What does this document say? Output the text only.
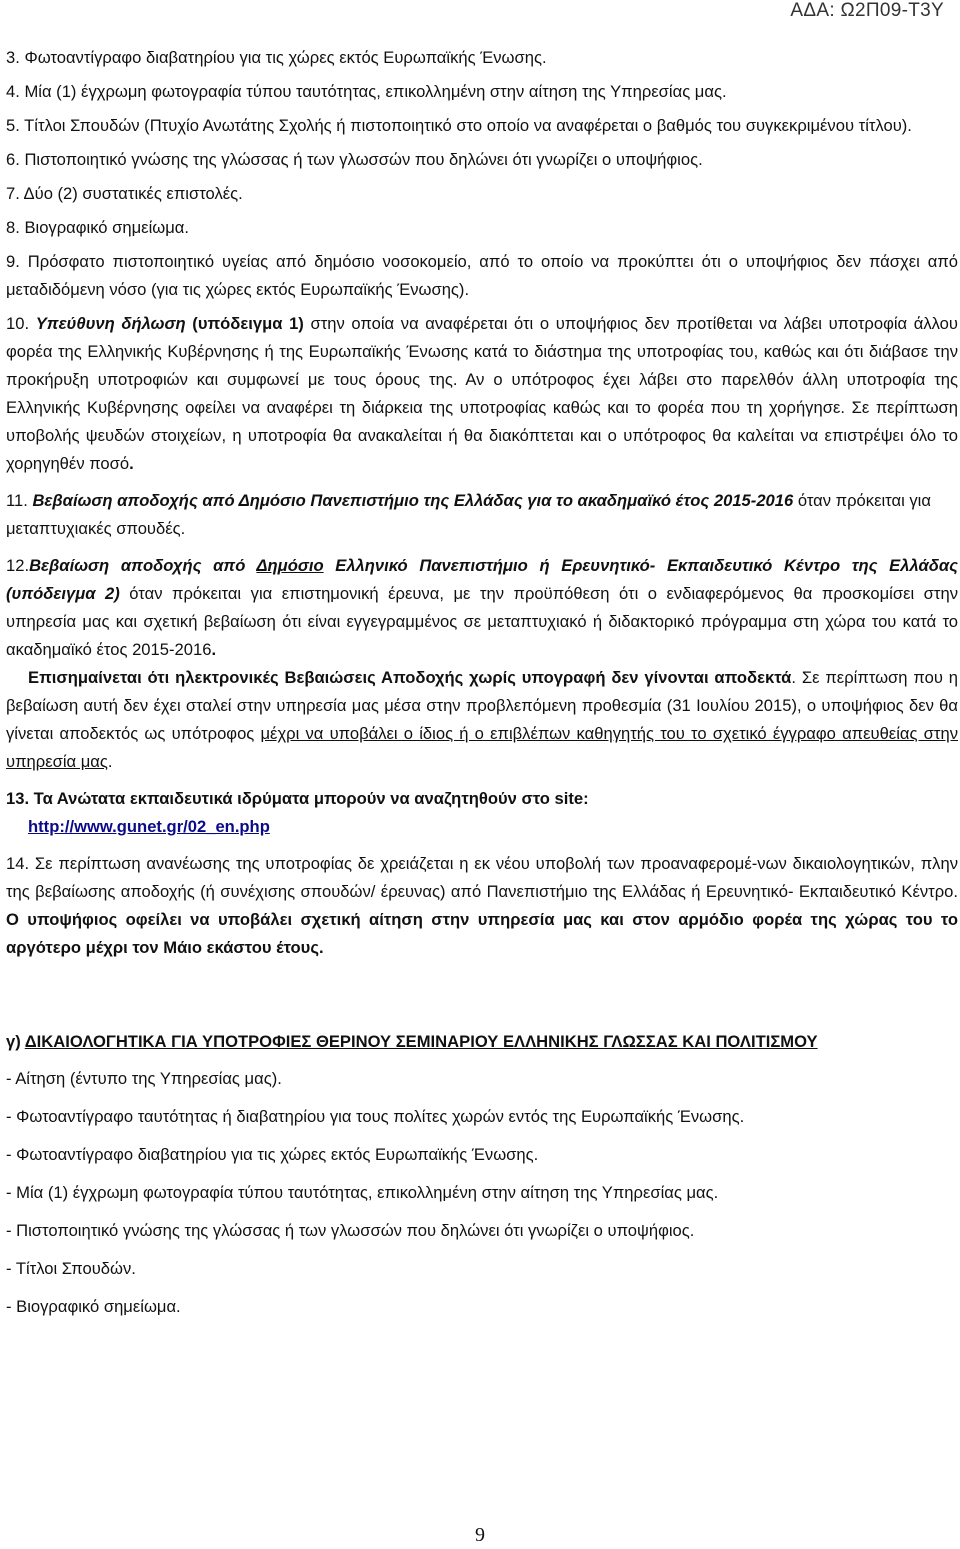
ΑΔΑ: Ω2Π09-Τ3Υ

3. Φωτοαντίγραφο διαβατηρίου για τις χώρες εκτός Ευρωπαϊκής Ένωσης.

4. Μία (1) έγχρωμη φωτογραφία τύπου ταυτότητας, επικολλημένη στην αίτηση της Υπηρεσίας μας.

5. Τίτλοι Σπουδών (Πτυχίο Ανωτάτης Σχολής ή πιστοποιητικό στο οποίο να αναφέρεται ο βαθμός του συγκεκριμένου τίτλου).

6. Πιστοποιητικό γνώσης της γλώσσας ή των γλωσσών που δηλώνει ότι γνωρίζει ο υποψήφιος.

7. Δύο (2) συστατικές επιστολές.

8. Βιογραφικό σημείωμα.

9. Πρόσφατο πιστοποιητικό υγείας από δημόσιο νοσοκομείο, από το οποίο να προκύπτει ότι ο υποψήφιος δεν πάσχει από μεταδιδόμενη νόσο (για τις χώρες εκτός Ευρωπαϊκής Ένωσης).

10. Υπεύθυνη δήλωση (υπόδειγμα 1) στην οποία να αναφέρεται ότι ο υποψήφιος δεν προτίθεται να λάβει υποτροφία άλλου φορέα της Ελληνικής Κυβέρνησης ή της Ευρωπαϊκής Ένωσης κατά το διάστημα της υποτροφίας του, καθώς και ότι διάβασε την προκήρυξη υποτροφιών και συμφωνεί με τους όρους της. Αν ο υπότροφος έχει λάβει στο παρελθόν άλλη υποτροφία της Ελληνικής Κυβέρνησης οφείλει να αναφέρει τη διάρκεια της υποτροφίας καθώς και το φορέα που τη χορήγησε. Σε περίπτωση υποβολής ψευδών στοιχείων, η υποτροφία θα ανακαλείται ή θα διακόπτεται και ο υπότροφος θα καλείται να επιστρέψει όλο το χορηγηθέν ποσό.

11. Βεβαίωση αποδοχής από Δημόσιο Πανεπιστήμιο της Ελλάδας για το ακαδημαϊκό έτος 2015-2016 όταν πρόκειται για μεταπτυχιακές σπουδές.

12.Βεβαίωση αποδοχής από Δημόσιο Ελληνικό Πανεπιστήμιο ή Ερευνητικό- Εκπαιδευτικό Κέντρο της Ελλάδας (υπόδειγμα 2) όταν πρόκειται για επιστημονική έρευνα, με την προϋπόθεση ότι ο ενδιαφερόμενος θα προσκομίσει στην υπηρεσία μας και σχετική βεβαίωση ότι είναι εγγεγραμμένος σε μεταπτυχιακό ή διδακτορικό πρόγραμμα στη χώρα του κατά το ακαδημαϊκό έτος 2015-2016.
Επισημαίνεται ότι ηλεκτρονικές Βεβαιώσεις Αποδοχής χωρίς υπογραφή δεν γίνονται αποδεκτά. Σε περίπτωση που η βεβαίωση αυτή δεν έχει σταλεί στην υπηρεσία μας μέσα στην προβλεπόμενη προθεσμία (31 Ιουλίου 2015), ο υποψήφιος δεν θα γίνεται αποδεκτός ως υπότροφος μέχρι να υποβάλει ο ίδιος ή ο επιβλέπων καθηγητής του το σχετικό έγγραφο απευθείας στην υπηρεσία μας.

13. Τα Ανώτατα εκπαιδευτικά ιδρύματα μπορούν να αναζητηθούν στο site:

http://www.gunet.gr/02_en.php

14. Σε περίπτωση ανανέωσης της υποτροφίας δε χρειάζεται η εκ νέου υποβολή των προαναφερομέ-νων δικαιολογητικών, πλην της βεβαίωσης αποδοχής (ή συνέχισης σπουδών/ έρευνας) από Πανεπιστήμιο της Ελλάδας ή Ερευνητικό- Εκπαιδευτικό Κέντρο. Ο υποψήφιος οφείλει να υποβάλει σχετική αίτηση στην υπηρεσία μας και στον αρμόδιο φορέα της χώρας του το αργότερο μέχρι τον Μάιο εκάστου έτους.

γ) ΔΙΚΑΙΟΛΟΓΗΤΙΚΑ ΓΙΑ ΥΠΟΤΡΟΦΙΕΣ ΘΕΡΙΝΟΥ ΣΕΜΙΝΑΡΙΟΥ ΕΛΛΗΝΙΚΗΣ ΓΛΩΣΣΑΣ ΚΑΙ ΠΟΛΙΤΙΣΜΟΥ

- Αίτηση (έντυπο της Υπηρεσίας μας).

- Φωτοαντίγραφο ταυτότητας ή διαβατηρίου για τους πολίτες χωρών εντός της Ευρωπαϊκής Ένωσης.

- Φωτοαντίγραφο διαβατηρίου για τις χώρες εκτός Ευρωπαϊκής Ένωσης.

- Μία (1) έγχρωμη φωτογραφία τύπου ταυτότητας, επικολλημένη στην αίτηση της Υπηρεσίας μας.

- Πιστοποιητικό γνώσης της γλώσσας ή των γλωσσών που δηλώνει ότι γνωρίζει ο υποψήφιος.

- Τίτλοι Σπουδών.

- Βιογραφικό σημείωμα.

9
